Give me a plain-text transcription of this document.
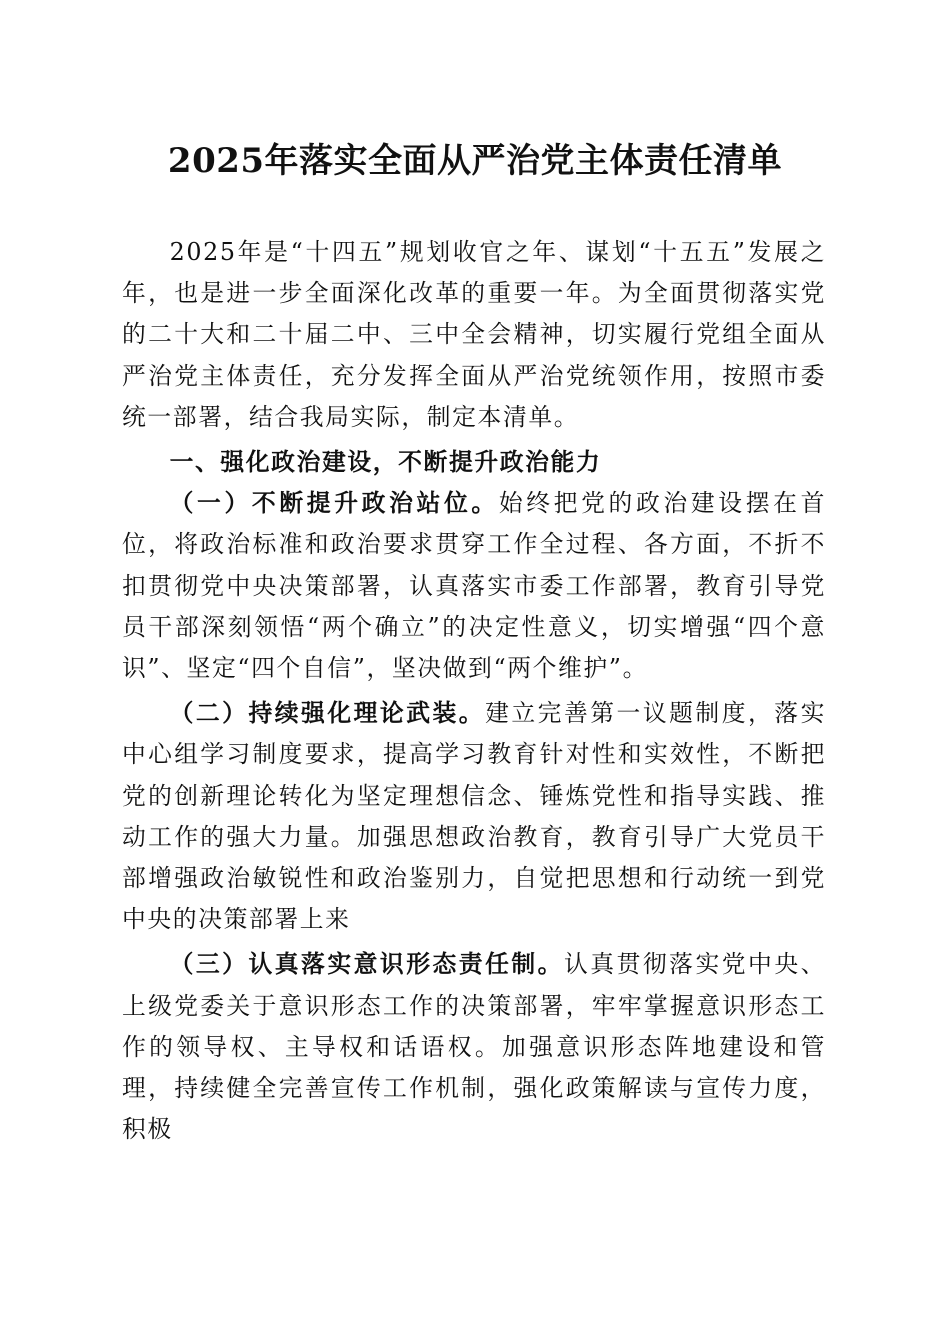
2025年落实全面从严治党主体责任清单

2025年是“十四五”规划收官之年、谋划“十五五”发展之年，也是进一步全面深化改革的重要一年。为全面贯彻落实党的二十大和二十届二中、三中全会精神，切实履行党组全面从严治党主体责任，充分发挥全面从严治党统领作用，按照市委统一部署，结合我局实际，制定本清单。

一、强化政治建设，不断提升政治能力

（一）不断提升政治站位。始终把党的政治建设摆在首位，将政治标准和政治要求贯穿工作全过程、各方面，不折不扣贯彻党中央决策部署，认真落实市委工作部署，教育引导党员干部深刻领悟“两个确立”的决定性意义，切实增强“四个意识”、坚定“四个自信”，坚决做到“两个维护”。

（二）持续强化理论武装。建立完善第一议题制度，落实中心组学习制度要求，提高学习教育针对性和实效性，不断把党的创新理论转化为坚定理想信念、锤炼党性和指导实践、推动工作的强大力量。加强思想政治教育，教育引导广大党员干部增强政治敏锐性和政治鉴别力，自觉把思想和行动统一到党中央的决策部署上来

（三）认真落实意识形态责任制。认真贯彻落实党中央、上级党委关于意识形态工作的决策部署，牢牢掌握意识形态工作的领导权、主导权和话语权。加强意识形态阵地建设和管理，持续健全完善宣传工作机制，强化政策解读与宣传力度，积极
